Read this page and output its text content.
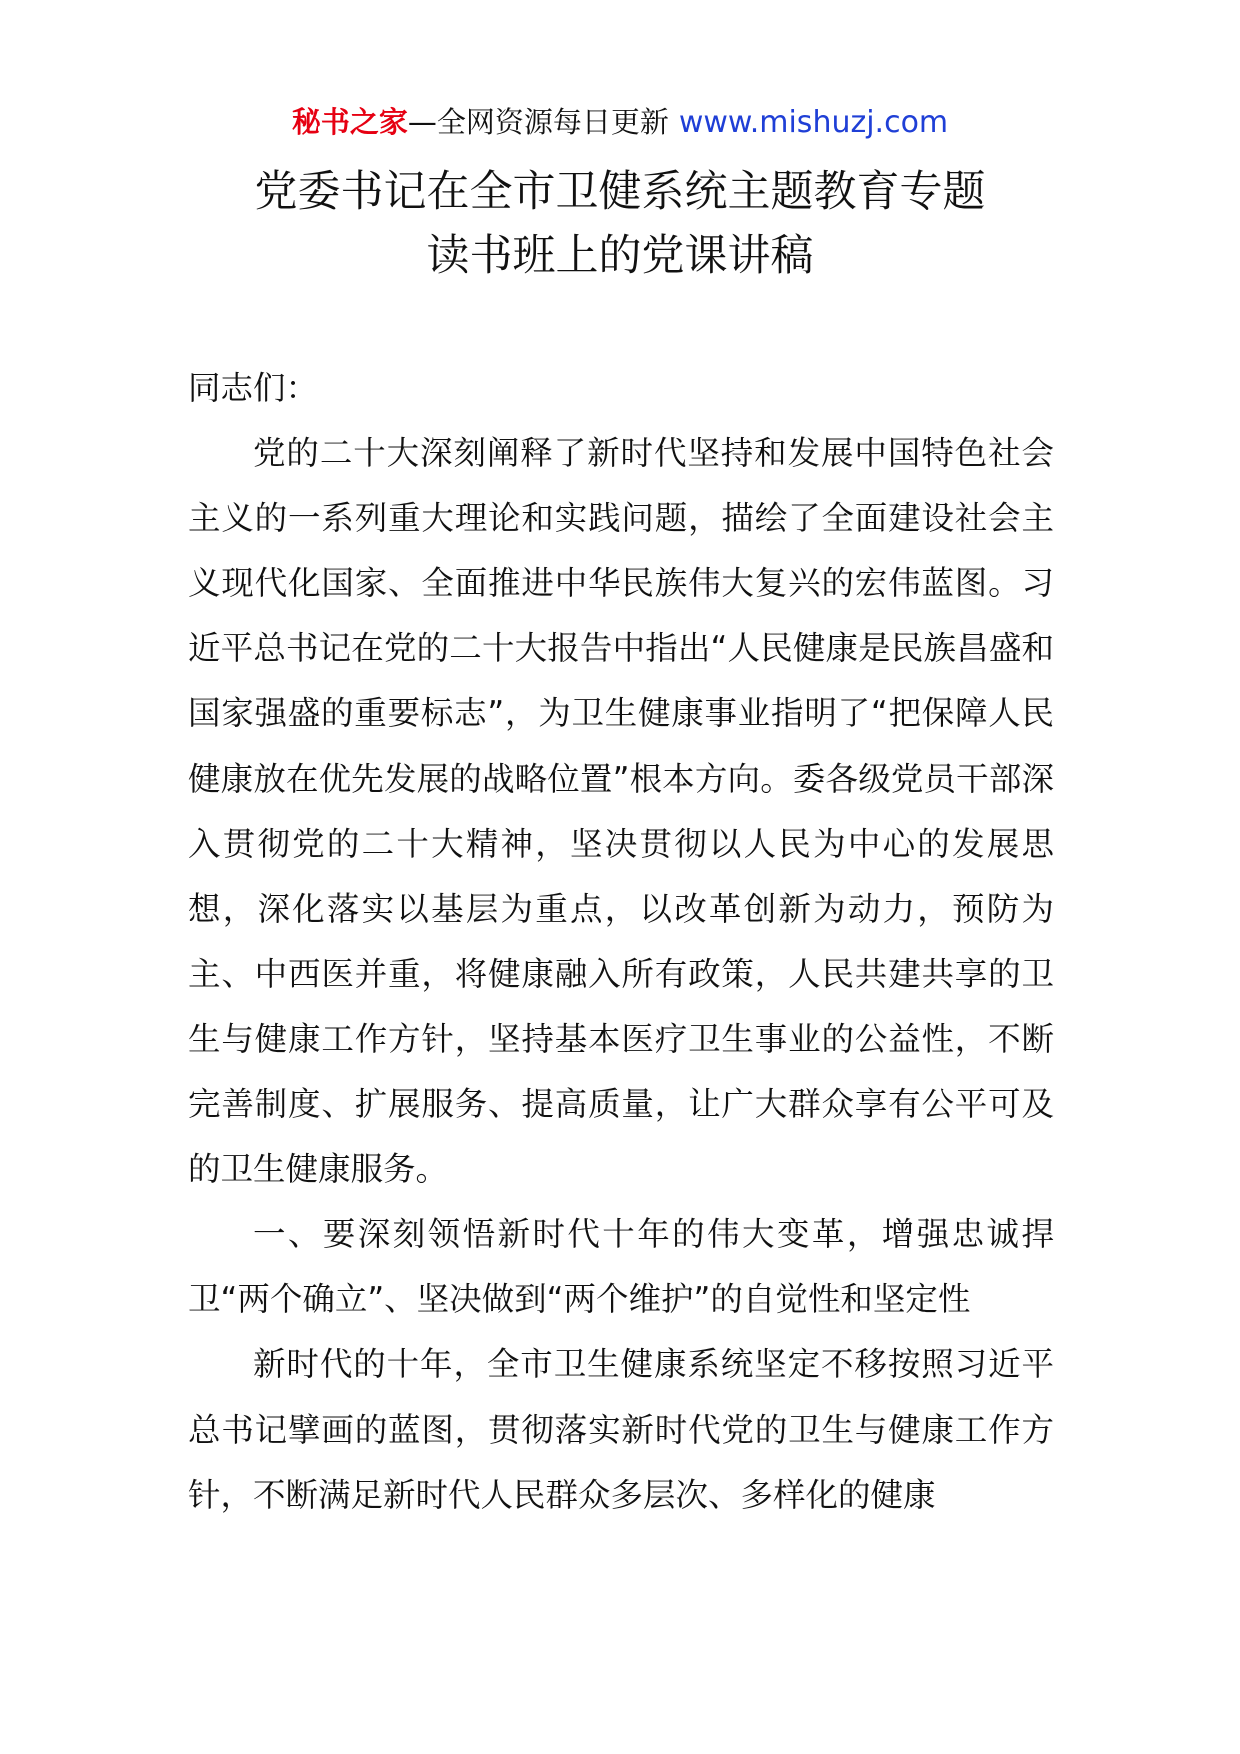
秘书之家—全网资源每日更新 www.mishuzj.com
党委书记在全市卫健系统主题教育专题
读书班上的党课讲稿

同志们：

党的二十大深刻阐释了新时代坚持和发展中国特色社会主义的一系列重大理论和实践问题，描绘了全面建设社会主义现代化国家、全面推进中华民族伟大复兴的宏伟蓝图。习近平总书记在党的二十大报告中指出“人民健康是民族昌盛和国家强盛的重要标志”，为卫生健康事业指明了“把保障人民健康放在优先发展的战略位置”根本方向。委各级党员干部深入贯彻党的二十大精神，坚决贯彻以人民为中心的发展思想，深化落实以基层为重点，以改革创新为动力，预防为主、中西医并重，将健康融入所有政策，人民共建共享的卫生与健康工作方针，坚持基本医疗卫生事业的公益性，不断完善制度、扩展服务、提高质量，让广大群众享有公平可及的卫生健康服务。

一、要深刻领悟新时代十年的伟大变革，增强忠诚捍卫“两个确立”、坚决做到“两个维护”的自觉性和坚定性

新时代的十年，全市卫生健康系统坚定不移按照习近平总书记擘画的蓝图，贯彻落实新时代党的卫生与健康工作方针，不断满足新时代人民群众多层次、多样化的健康
